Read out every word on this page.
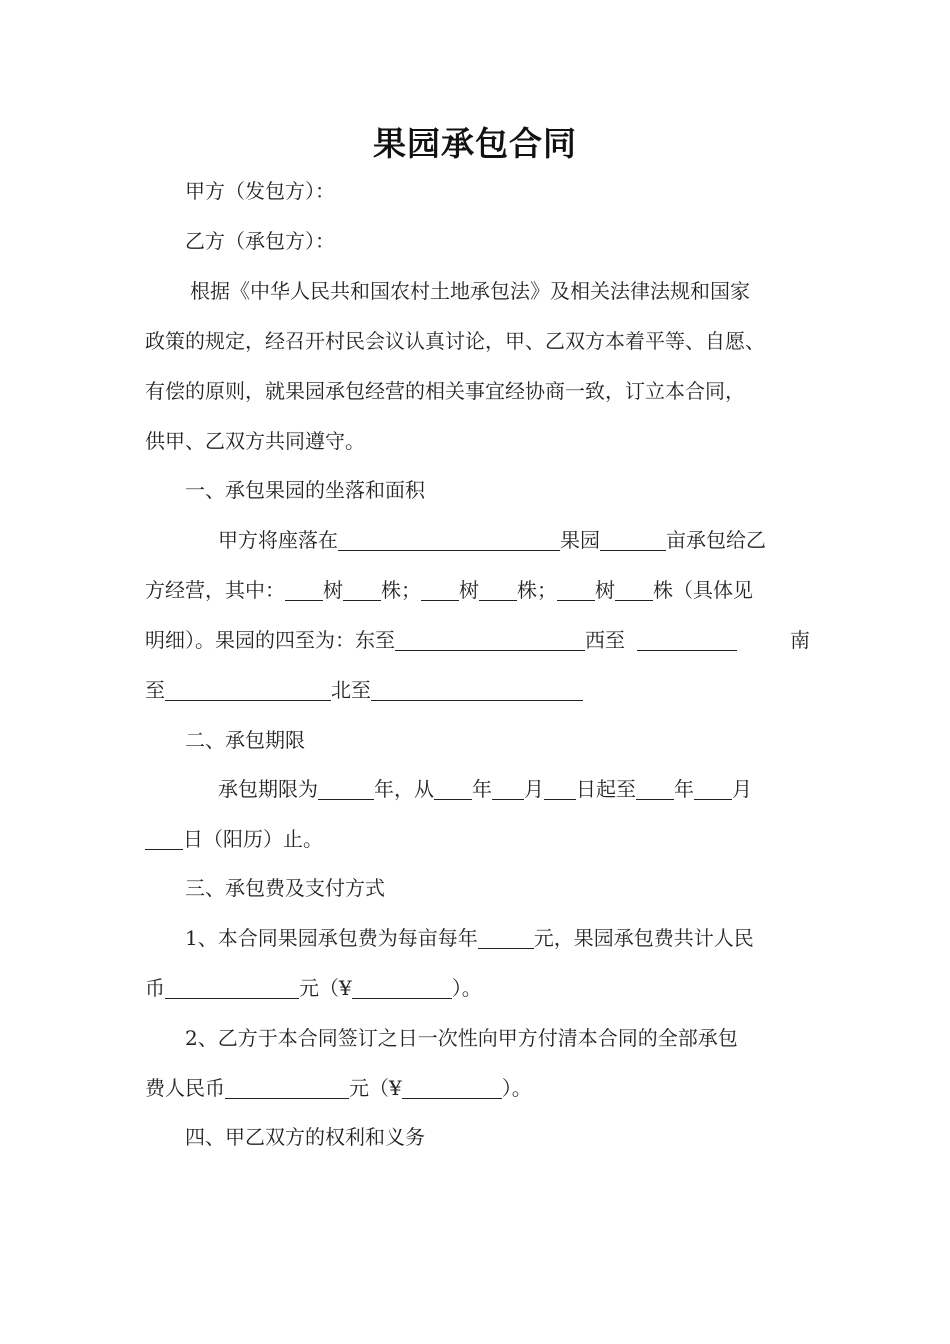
果园承包合同
甲方（发包方）：
乙方（承包方）：
根据《中华人民共和国农村土地承包法》及相关法律法规和国家
政策的规定，经召开村民会议认真讨论，甲、乙双方本着平等、自愿、
有偿的原则，就果园承包经营的相关事宜经协商一致，订立本合同，
供甲、乙双方共同遵守。
一、承包果园的坐落和面积
甲方将座落在	果园	亩承包给乙
方经营，其中： 树 株； 树 株； 树 株（具体见
明细）。果园的四至为：东至	西至	南
至	北至
二、承包期限
承包期限为	年，从 年 月 日起至 年 月
日（阳历）止。
三、承包费及支付方式
1、本合同果园承包费为每亩每年	元，果园承包费共计人民
币	元（¥	）。
2、乙方于本合同签订之日一次性向甲方付清本合同的全部承包
费人民币	元（¥	）。
四、甲乙双方的权利和义务
